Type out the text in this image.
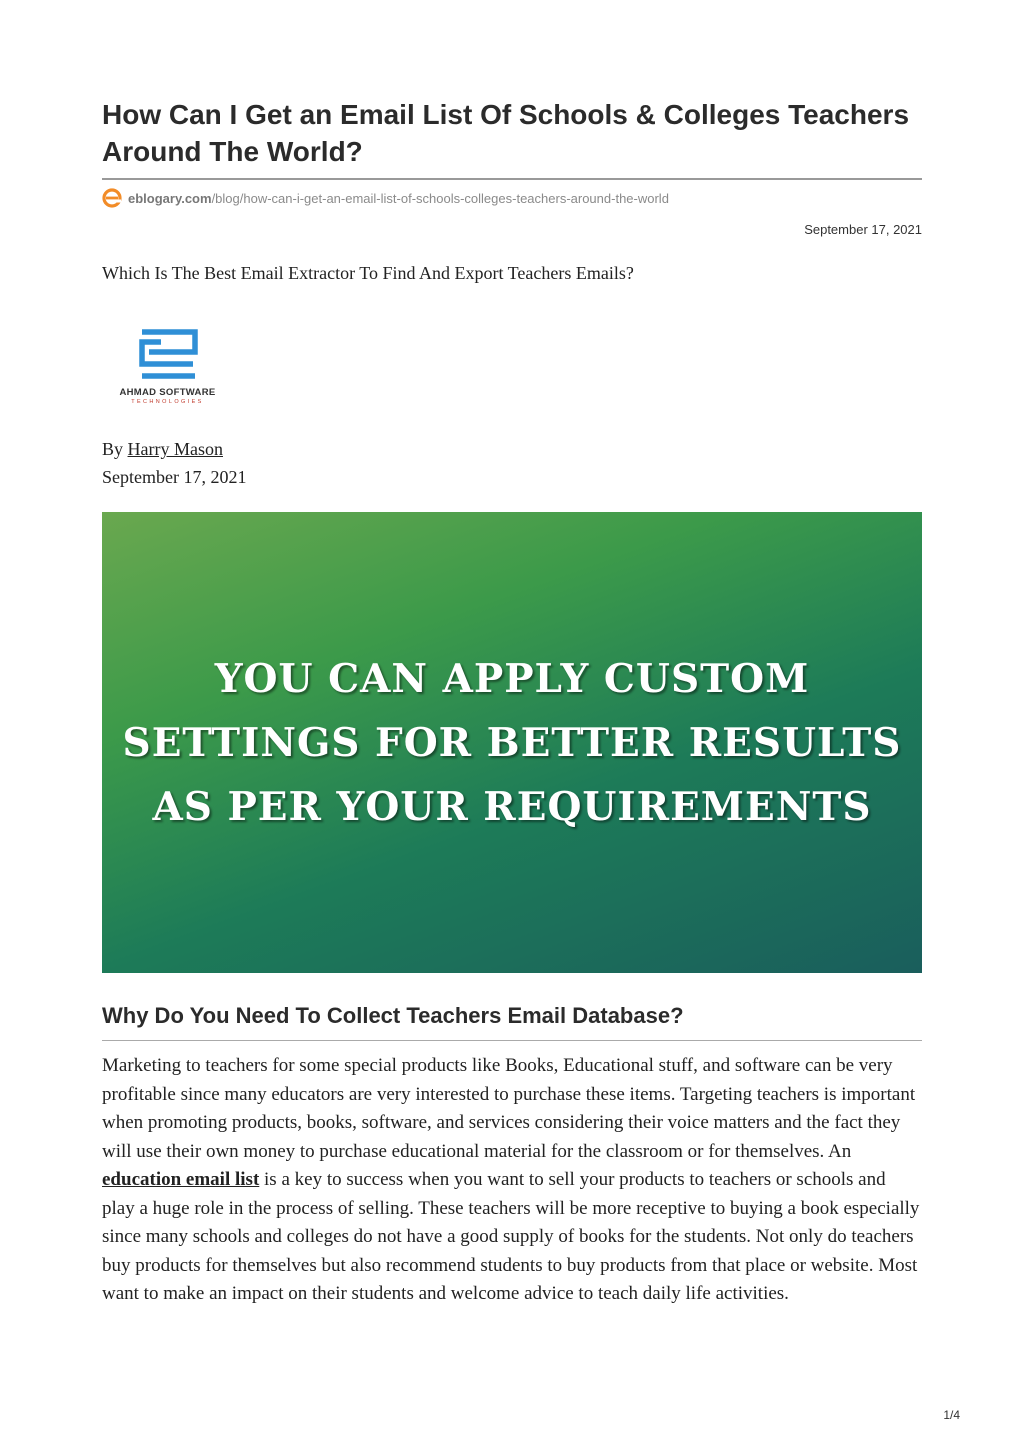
How Can I Get an Email List Of Schools & Colleges Teachers Around The World?
eblogary.com /blog/how-can-i-get-an-email-list-of-schools-colleges-teachers-around-the-world
September 17, 2021
Which Is The Best Email Extractor To Find And Export Teachers Emails?
AHMAD SOFTWARE
TECHNOLOGIES
By Harry Mason
September 17, 2021
YOU CAN APPLY CUSTOM
SETTINGS FOR BETTER RESULTS
AS PER YOUR REQUIREMENTS
Why Do You Need To Collect Teachers Email Database?

Marketing to teachers for some special products like Books, Educational stuff, and software can be very profitable since many educators are very interested to purchase these items. Targeting teachers is important when promoting products, books, software, and services considering their voice matters and the fact they will use their own money to purchase educational material for the classroom or for themselves. An education email list is a key to success when you want to sell your products to teachers or schools and play a huge role in the process of selling. These teachers will be more receptive to buying a book especially since many schools and colleges do not have a good supply of books for the students. Not only do teachers buy products for themselves but also recommend students to buy products from that place or website. Most want to make an impact on their students and welcome advice to teach daily life activities.

1/4
